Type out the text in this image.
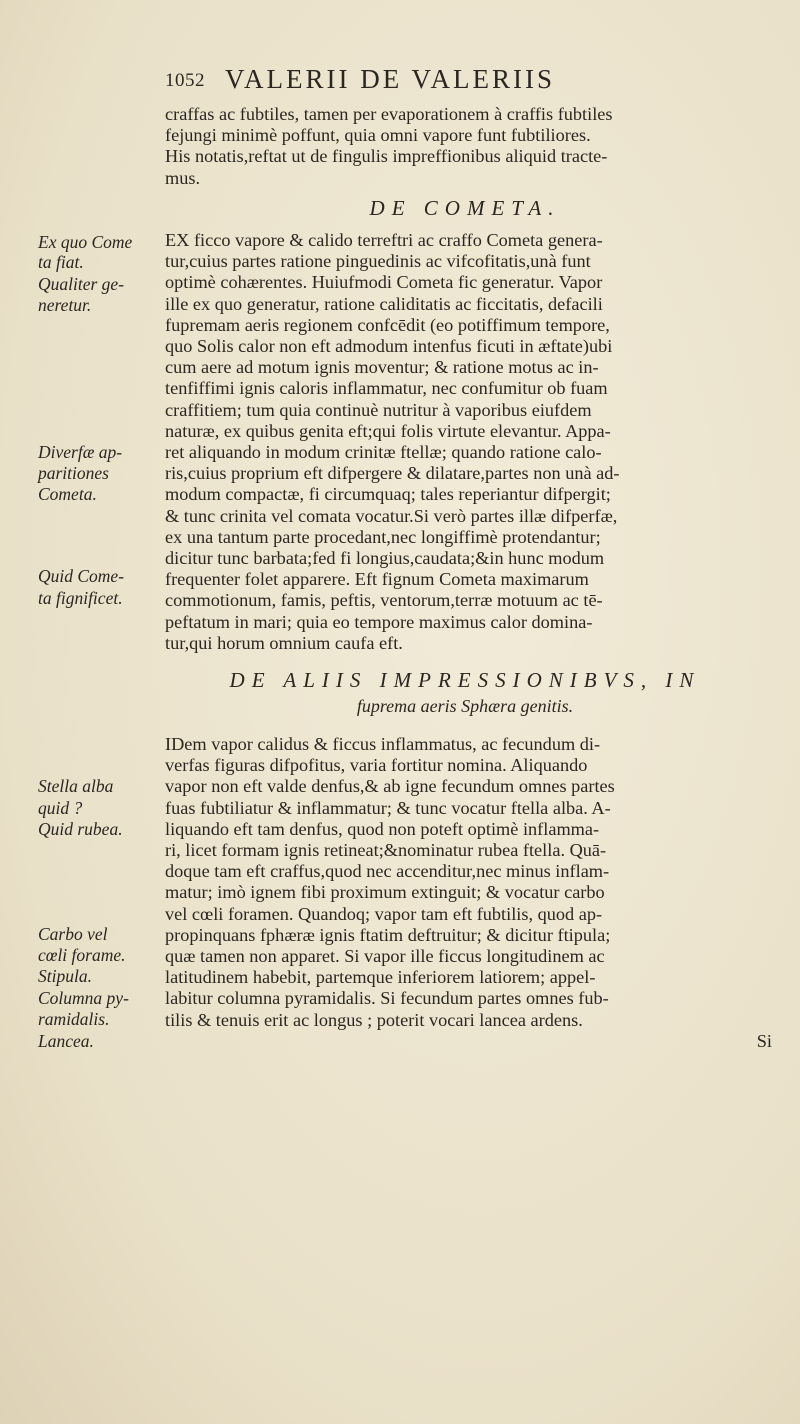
1052 VALERII DE VALERIIS
craffas ac fubtiles, tamen per evaporationem à craffis fubtiles
fejungi minimè poffunt, quia omni vapore funt fubtiliores.
His notatis,reftat ut de fingulis impreffionibus aliquid tracte-
mus.
DE COMETA.
EX ficco vapore & calido terreftri ac craffo Cometa genera-
tur,cuius partes ratione pinguedinis ac vifcofitatis,unà funt
optimè cohærentes. Huiufmodi Cometa fic generatur. Vapor
ille ex quo generatur, ratione caliditatis ac ficcitatis, defacili
fupremam aeris regionem confcēdit (eo potiffimum tempore,
quo Solis calor non eft admodum intenfus ficuti in æftate)ubi
cum aere ad motum ignis moventur; & ratione motus ac in-
tenfiffimi ignis caloris inflammatur, nec confumitur ob fuam
craffitiem; tum quia continuè nutritur à vaporibus eiufdem
naturæ, ex quibus genita eft;qui folis virtute elevantur. Appa-
ret aliquando in modum crinitæ ftellæ; quando ratione calo-
ris,cuius proprium eft difpergere & dilatare,partes non unà ad-
modum compactæ, fi circumquaq; tales reperiantur difpergit;
& tunc crinita vel comata vocatur.Si verò partes illæ difperfæ,
ex una tantum parte procedant,nec longiffimè protendantur;
dicitur tunc barbata;fed fi longius,caudata;&in hunc modum
frequenter folet apparere. Eft fignum Cometa maximarum
commotionum, famis, peftis, ventorum,terræ motuum ac tē-
peftatum in mari; quia eo tempore maximus calor domina-
tur,qui horum omnium caufa eft.
DE ALIIS IMPRESSIONIBVS, IN
fuprema aeris Sphæra genitis.
IDem vapor calidus & ficcus inflammatus, ac fecundum di-
verfas figuras difpofitus, varia fortitur nomina. Aliquando
vapor non eft valde denfus,& ab igne fecundum omnes partes
fuas fubtiliatur & inflammatur; & tunc vocatur ftella alba. A-
liquando eft tam denfus, quod non poteft optimè inflamma-
ri, licet formam ignis retineat;&nominatur rubea ftella. Quā-
doque tam eft craffus,quod nec accenditur,nec minus inflam-
matur; imò ignem fibi proximum extinguit; & vocatur carbo
vel cœli foramen. Quandoq; vapor tam eft fubtilis, quod ap-
propinquans fphæræ ignis ftatim deftruitur; & dicitur ftipula;
quæ tamen non apparet. Si vapor ille ficcus longitudinem ac
latitudinem habebit, partemque inferiorem latiorem; appel-
labitur columna pyramidalis. Si fecundum partes omnes fub-
tilis & tenuis erit ac longus ; poterit vocari lancea ardens.
Si
Ex quo Come
ta fiat.
Qualiter ge-
neretur.
Diverfæ ap-
paritiones
Cometa.
Quid Come-
ta fignificet.
Stella alba
quid ?
Quid rubea.
Carbo vel
cœli forame.
Stipula.
Columna py-
ramidalis.
Lancea.
